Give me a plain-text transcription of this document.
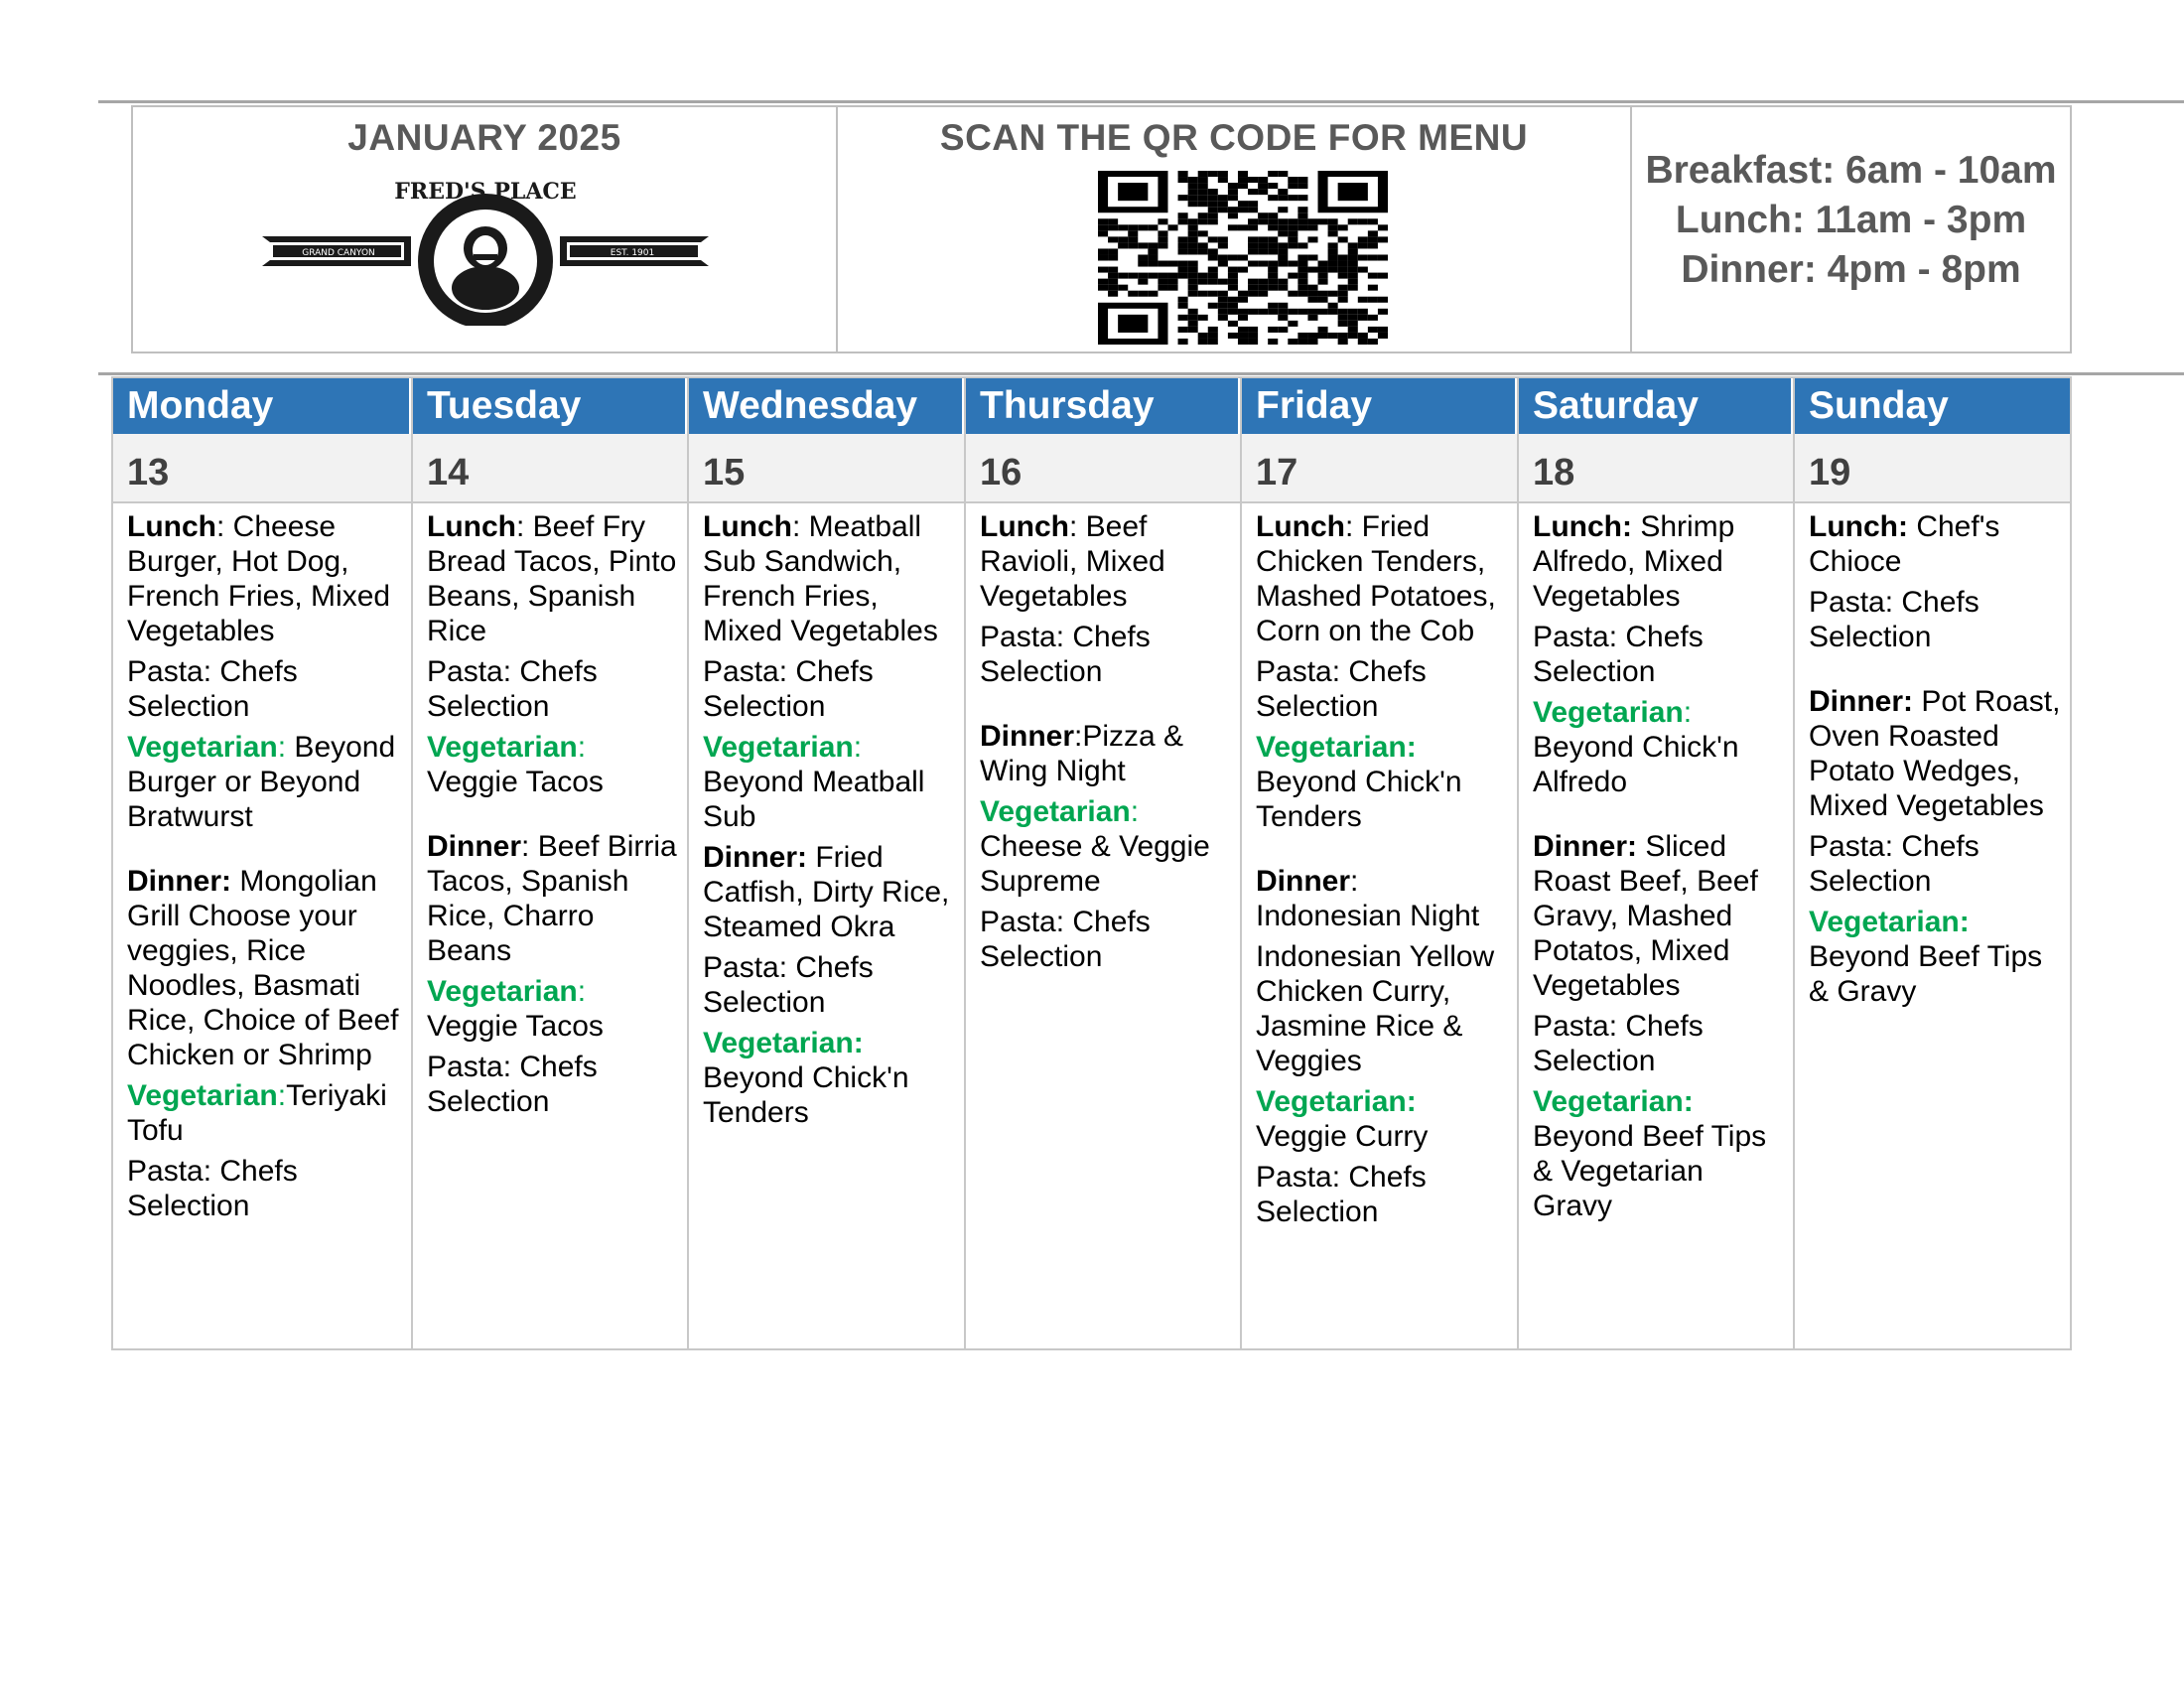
JANUARY 2025
GRAND CANYON	EST. 1901
FRED'S PLACE
SCAN THE QR CODE FOR MENU
Breakfast: 6am - 10am
Lunch: 11am - 3pm
Dinner: 4pm - 8pm
Monday
13
Lunch: Cheese Burger, Hot Dog, French Fries, Mixed Vegetables
Pasta: Chefs Selection
Vegetarian: Beyond Burger or Beyond Bratwurst
Dinner: Mongolian Grill Choose your veggies, Rice Noodles, Basmati Rice, Choice of Beef Chicken or Shrimp
Vegetarian:Teriyaki Tofu
Pasta: Chefs Selection
Tuesday
14
Lunch: Beef Fry Bread Tacos, Pinto Beans, Spanish Rice
Pasta: Chefs Selection
Vegetarian: Veggie Tacos
Dinner: Beef Birria Tacos, Spanish Rice, Charro Beans
Vegetarian: Veggie Tacos
Pasta: Chefs Selection
Wednesday
15
Lunch: Meatball Sub Sandwich, French Fries, Mixed Vegetables
Pasta: Chefs Selection
Vegetarian: Beyond Meatball Sub
Dinner: Fried Catfish, Dirty Rice, Steamed Okra
Pasta: Chefs Selection
Vegetarian: Beyond Chick'n Tenders
Thursday
16
Lunch: Beef Ravioli, Mixed Vegetables
Pasta: Chefs Selection
Dinner:Pizza & Wing Night
Vegetarian: Cheese & Veggie Supreme
Pasta: Chefs Selection
Friday
17
Lunch: Fried Chicken Tenders, Mashed Potatoes, Corn on the Cob
Pasta: Chefs Selection
Vegetarian: Beyond Chick'n Tenders
Dinner: Indonesian Night
Indonesian Yellow Chicken Curry, Jasmine Rice & Veggies
Vegetarian: Veggie Curry
Pasta: Chefs Selection
Saturday
18
Lunch: Shrimp Alfredo, Mixed Vegetables
Pasta: Chefs Selection
Vegetarian: Beyond Chick'n Alfredo
Dinner: Sliced Roast Beef, Beef Gravy, Mashed Potatos, Mixed Vegetables
Pasta: Chefs Selection
Vegetarian: Beyond Beef Tips & Vegetarian Gravy
Sunday
19
Lunch: Chef's Chioce
Pasta: Chefs Selection
Dinner: Pot Roast, Oven Roasted Potato Wedges, Mixed Vegetables
Pasta: Chefs Selection
Vegetarian: Beyond Beef Tips & Gravy
